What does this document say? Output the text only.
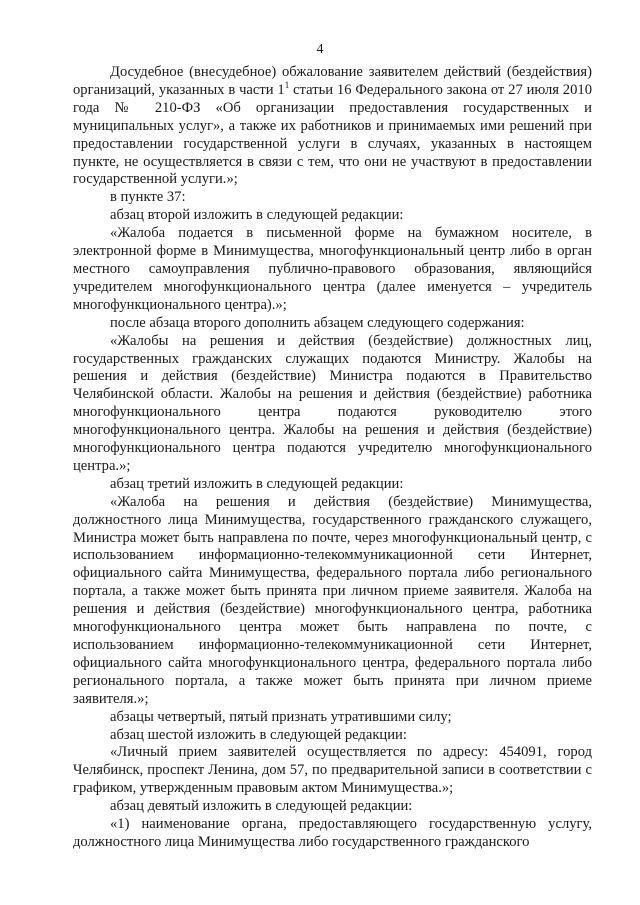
4

Досудебное (внесудебное) обжалование заявителем действий (бездействия) организаций, указанных в части $1^1$ статьи 16 Федерального закона от 27 июля 2010 года № 210-ФЗ «Об организации предоставления государственных и муниципальных услуг», а также их работников и принимаемых ими решений при предоставлении государственной услуги в случаях, указанных в настоящем пункте, не осуществляется в связи с тем, что они не участвуют в предоставлении государственной услуги.»;

в пункте 37:

абзац второй изложить в следующей редакции:

«Жалоба подается в письменной форме на бумажном носителе, в электронной форме в Минимущества, многофункциональный центр либо в орган местного самоуправления публично-правового образования, являющийся учредителем многофункционального центра (далее именуется – учредитель многофункционального центра).»;

после абзаца второго дополнить абзацем следующего содержания:

«Жалобы на решения и действия (бездействие) должностных лиц, государственных гражданских служащих подаются Министру. Жалобы на решения и действия (бездействие) Министра подаются в Правительство Челябинской области. Жалобы на решения и действия (бездействие) работника многофункционального центра подаются руководителю этого многофункционального центра. Жалобы на решения и действия (бездействие) многофункционального центра подаются учредителю многофункционального центра.»;

абзац третий изложить в следующей редакции:

«Жалоба на решения и действия (бездействие) Минимущества, должностного лица Минимущества, государственного гражданского служащего, Министра может быть направлена по почте, через многофункциональный центр, с использованием информационно-телекоммуникационной сети Интернет, официального сайта Минимущества, федерального портала либо регионального портала, а также может быть принята при личном приеме заявителя. Жалоба на решения и действия (бездействие) многофункционального центра, работника многофункционального центра может быть направлена по почте, с использованием информационно-телекоммуникационной сети Интернет, официального сайта многофункционального центра, федерального портала либо регионального портала, а также может быть принята при личном приеме заявителя.»;

абзацы четвертый, пятый признать утратившими силу;

абзац шестой изложить в следующей редакции:

«Личный прием заявителей осуществляется по адресу: 454091, город Челябинск, проспект Ленина, дом 57, по предварительной записи в соответствии с графиком, утвержденным правовым актом Минимущества.»;

абзац девятый изложить в следующей редакции:

«1) наименование органа, предоставляющего государственную услугу, должностного лица Минимущества либо государственного гражданского
